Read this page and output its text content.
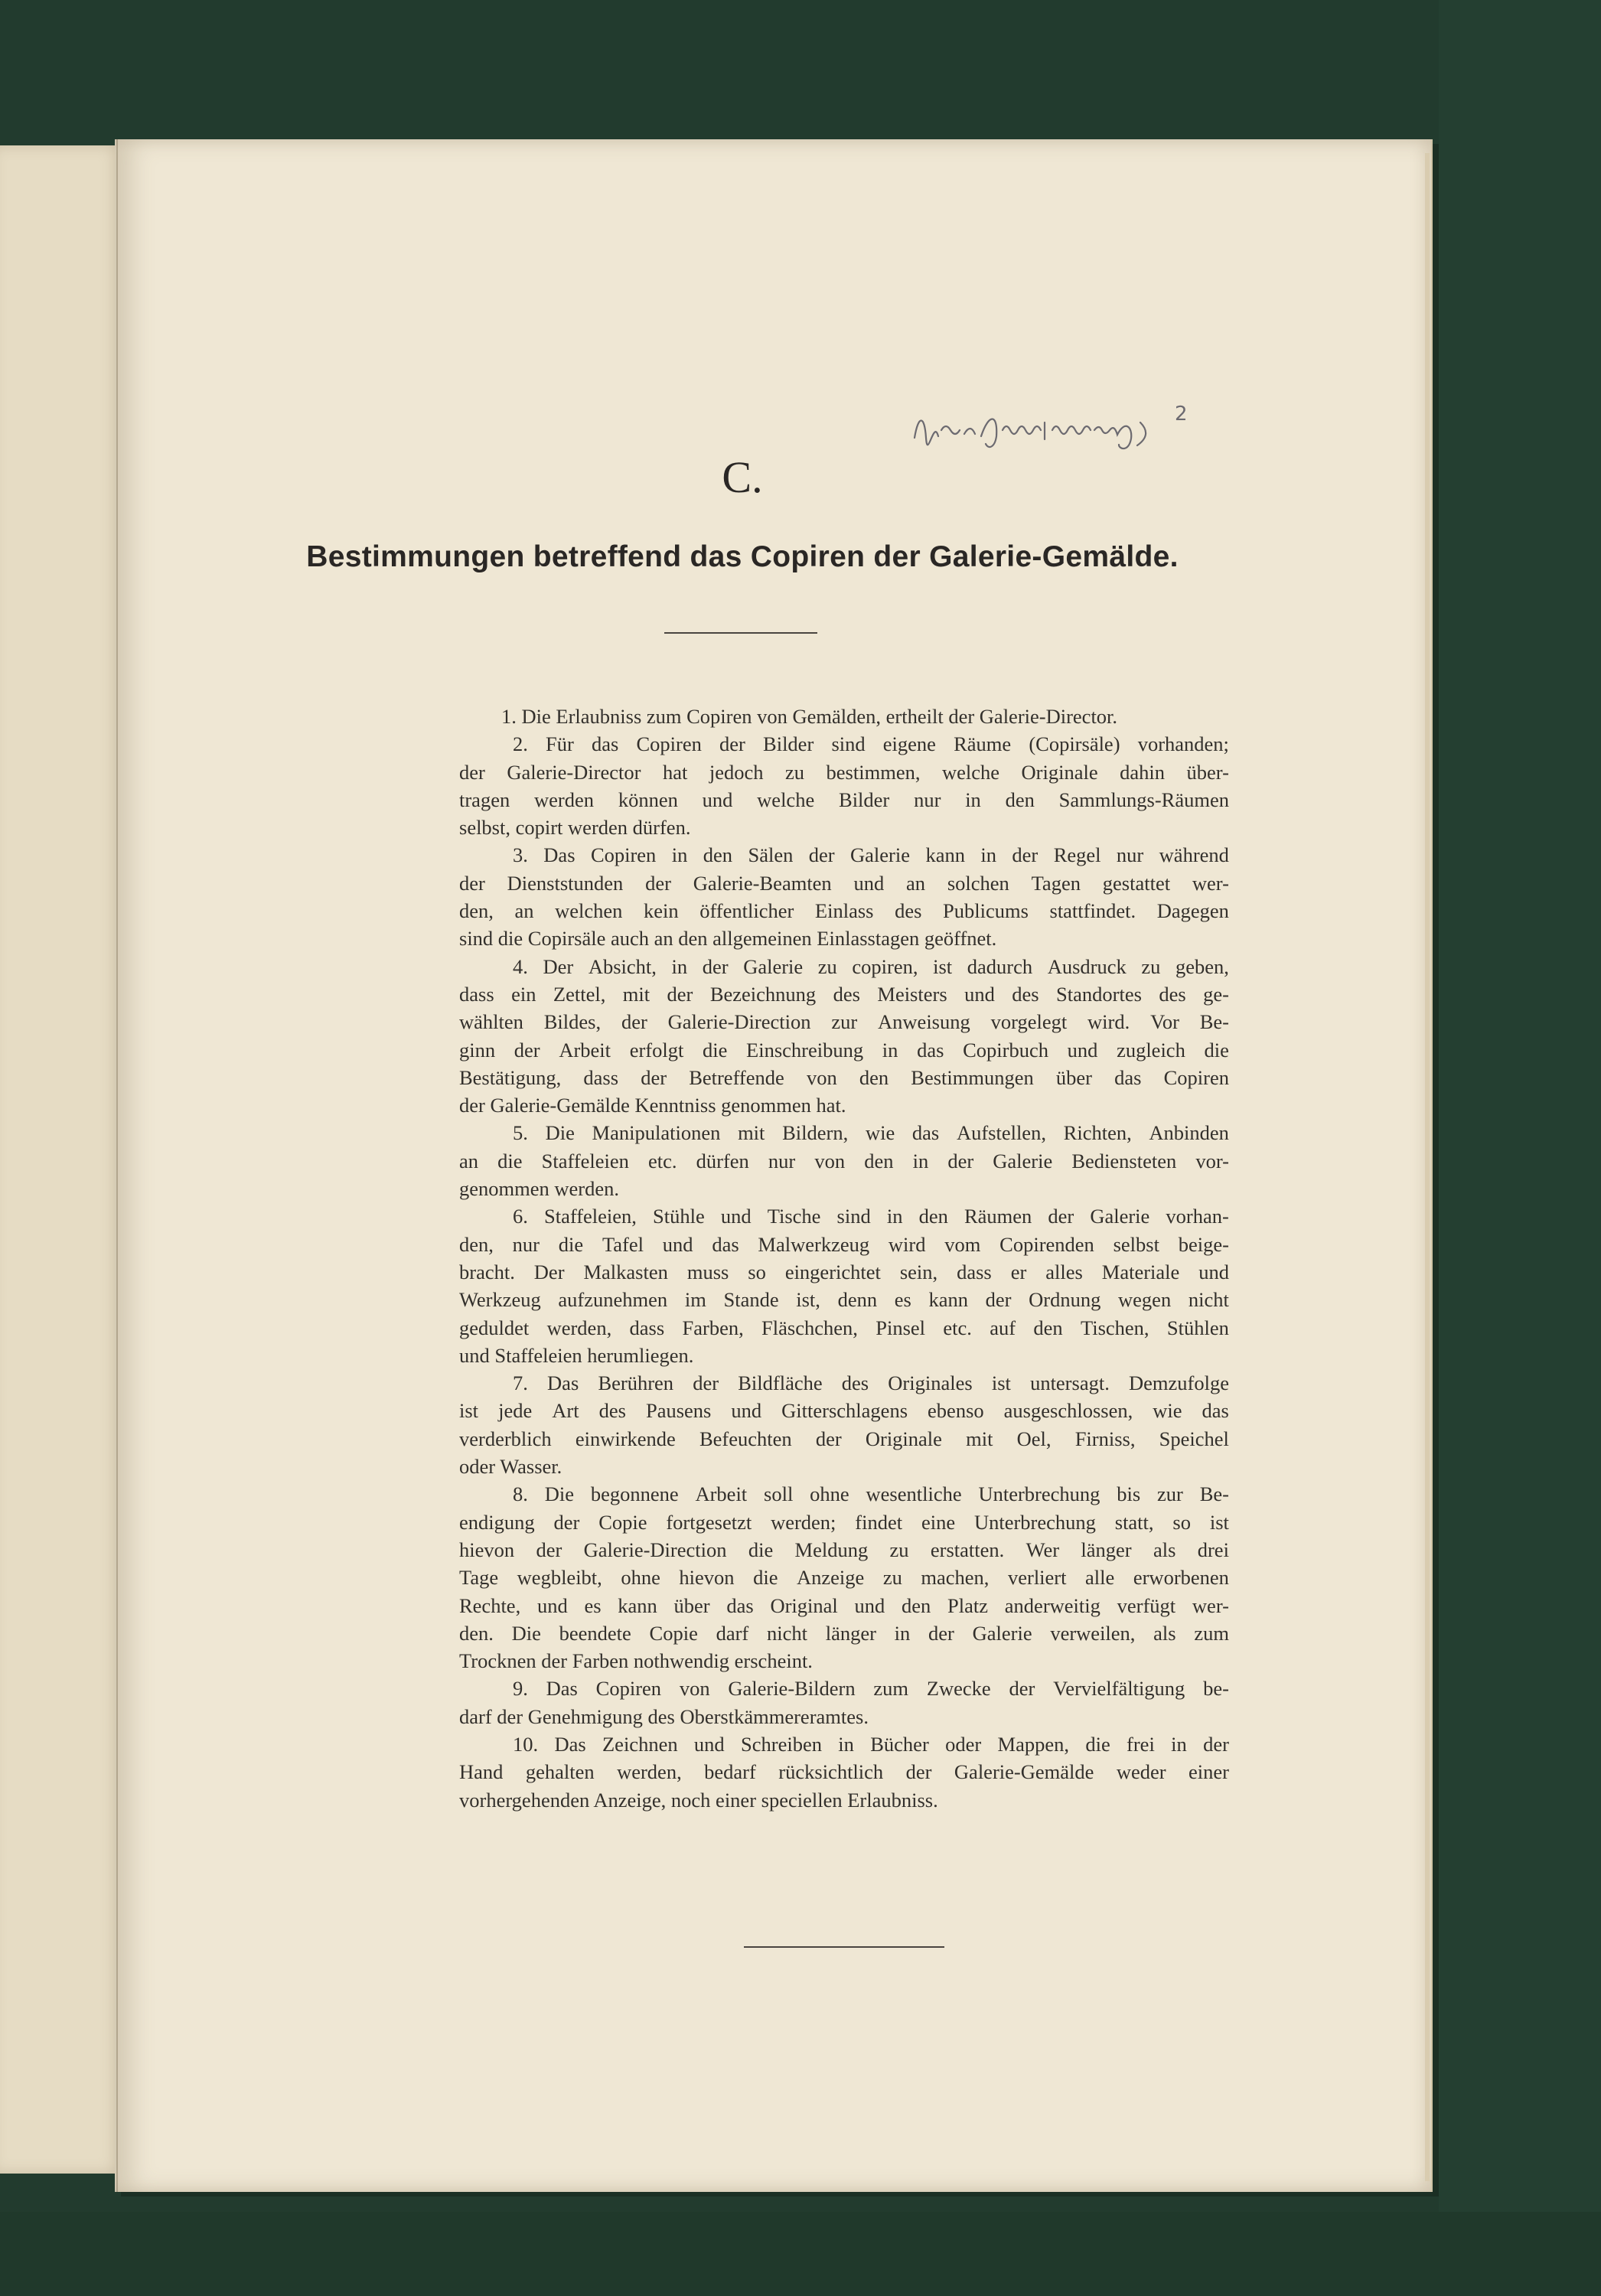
2
C.
Bestimmungen betreffend das Copiren der Galerie-Gemälde.
1. Die Erlaubniss zum Copiren von Gemälden, ertheilt der Galerie-Director.
2. Für das Copiren der Bilder sind eigene Räume (Copirsäle) vorhanden;
der Galerie-Director hat jedoch zu bestimmen, welche Originale dahin über-
tragen werden können und welche Bilder nur in den Sammlungs-Räumen
selbst, copirt werden dürfen.
3. Das Copiren in den Sälen der Galerie kann in der Regel nur während
der Dienststunden der Galerie-Beamten und an solchen Tagen gestattet wer-
den, an welchen kein öffentlicher Einlass des Publicums stattfindet. Dagegen
sind die Copirsäle auch an den allgemeinen Einlasstagen geöffnet.
4. Der Absicht, in der Galerie zu copiren, ist dadurch Ausdruck zu geben,
dass ein Zettel, mit der Bezeichnung des Meisters und des Standortes des ge-
wählten Bildes, der Galerie-Direction zur Anweisung vorgelegt wird. Vor Be-
ginn der Arbeit erfolgt die Einschreibung in das Copirbuch und zugleich die
Bestätigung, dass der Betreffende von den Bestimmungen über das Copiren
der Galerie-Gemälde Kenntniss genommen hat.
5. Die Manipulationen mit Bildern, wie das Aufstellen, Richten, Anbinden
an die Staffeleien etc. dürfen nur von den in der Galerie Bediensteten vor-
genommen werden.
6. Staffeleien, Stühle und Tische sind in den Räumen der Galerie vorhan-
den, nur die Tafel und das Malwerkzeug wird vom Copirenden selbst beige-
bracht. Der Malkasten muss so eingerichtet sein, dass er alles Materiale und
Werkzeug aufzunehmen im Stande ist, denn es kann der Ordnung wegen nicht
geduldet werden, dass Farben, Fläschchen, Pinsel etc. auf den Tischen, Stühlen
und Staffeleien herumliegen.
7. Das Berühren der Bildfläche des Originales ist untersagt. Demzufolge
ist jede Art des Pausens und Gitterschlagens ebenso ausgeschlossen, wie das
verderblich einwirkende Befeuchten der Originale mit Oel, Firniss, Speichel
oder Wasser.
8. Die begonnene Arbeit soll ohne wesentliche Unterbrechung bis zur Be-
endigung der Copie fortgesetzt werden; findet eine Unterbrechung statt, so ist
hievon der Galerie-Direction die Meldung zu erstatten. Wer länger als drei
Tage wegbleibt, ohne hievon die Anzeige zu machen, verliert alle erworbenen
Rechte, und es kann über das Original und den Platz anderweitig verfügt wer-
den. Die beendete Copie darf nicht länger in der Galerie verweilen, als zum
Trocknen der Farben nothwendig erscheint.
9. Das Copiren von Galerie-Bildern zum Zwecke der Vervielfältigung be-
darf der Genehmigung des Oberstkämmereramtes.
10. Das Zeichnen und Schreiben in Bücher oder Mappen, die frei in der
Hand gehalten werden, bedarf rücksichtlich der Galerie-Gemälde weder einer
vorhergehenden Anzeige, noch einer speciellen Erlaubniss.
